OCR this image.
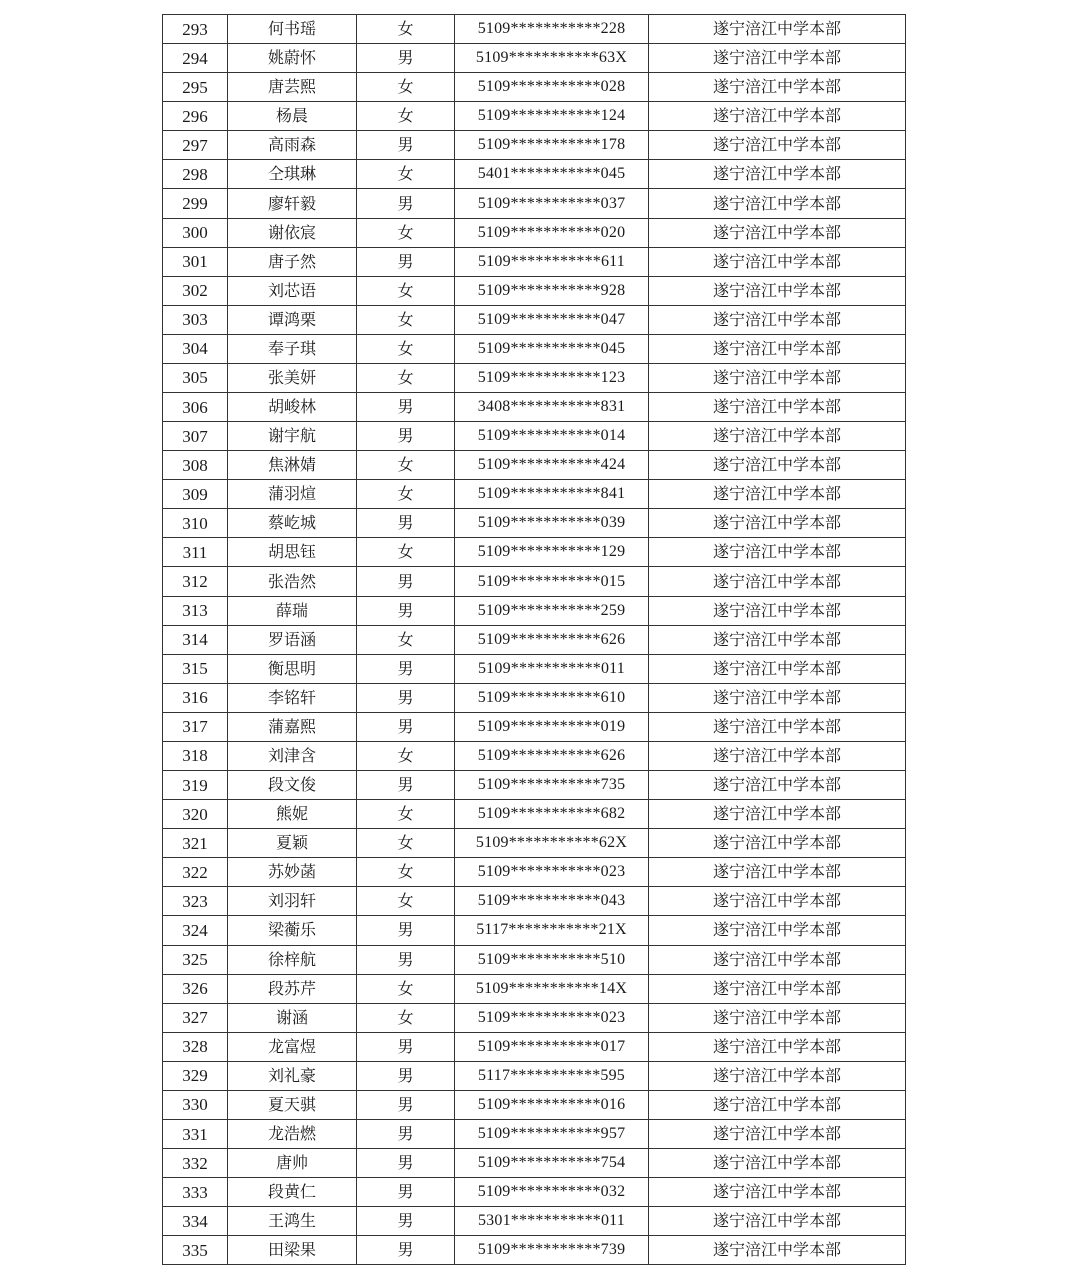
293	何书瑶	女	5109***********228	遂宁涪江中学本部
294	姚蔚怀	男	5109***********63X	遂宁涪江中学本部
295	唐芸熙	女	5109***********028	遂宁涪江中学本部
296	杨晨	女	5109***********124	遂宁涪江中学本部
297	高雨森	男	5109***********178	遂宁涪江中学本部
298	仝琪琳	女	5401***********045	遂宁涪江中学本部
299	廖轩毅	男	5109***********037	遂宁涪江中学本部
300	谢依宸	女	5109***********020	遂宁涪江中学本部
301	唐子然	男	5109***********611	遂宁涪江中学本部
302	刘芯语	女	5109***********928	遂宁涪江中学本部
303	谭鸿栗	女	5109***********047	遂宁涪江中学本部
304	奉子琪	女	5109***********045	遂宁涪江中学本部
305	张美妍	女	5109***********123	遂宁涪江中学本部
306	胡峻林	男	3408***********831	遂宁涪江中学本部
307	谢宇航	男	5109***********014	遂宁涪江中学本部
308	焦淋婧	女	5109***********424	遂宁涪江中学本部
309	蒲羽煊	女	5109***********841	遂宁涪江中学本部
310	蔡屹城	男	5109***********039	遂宁涪江中学本部
311	胡思钰	女	5109***********129	遂宁涪江中学本部
312	张浩然	男	5109***********015	遂宁涪江中学本部
313	薛瑞	男	5109***********259	遂宁涪江中学本部
314	罗语涵	女	5109***********626	遂宁涪江中学本部
315	衡思明	男	5109***********011	遂宁涪江中学本部
316	李铭轩	男	5109***********610	遂宁涪江中学本部
317	蒲嘉熙	男	5109***********019	遂宁涪江中学本部
318	刘津含	女	5109***********626	遂宁涪江中学本部
319	段文俊	男	5109***********735	遂宁涪江中学本部
320	熊妮	女	5109***********682	遂宁涪江中学本部
321	夏颖	女	5109***********62X	遂宁涪江中学本部
322	苏妙菡	女	5109***********023	遂宁涪江中学本部
323	刘羽轩	女	5109***********043	遂宁涪江中学本部
324	梁蘅乐	男	5117***********21X	遂宁涪江中学本部
325	徐梓航	男	5109***********510	遂宁涪江中学本部
326	段苏芹	女	5109***********14X	遂宁涪江中学本部
327	谢涵	女	5109***********023	遂宁涪江中学本部
328	龙富煜	男	5109***********017	遂宁涪江中学本部
329	刘礼豪	男	5117***********595	遂宁涪江中学本部
330	夏天骐	男	5109***********016	遂宁涪江中学本部
331	龙浩燃	男	5109***********957	遂宁涪江中学本部
332	唐帅	男	5109***********754	遂宁涪江中学本部
333	段黄仁	男	5109***********032	遂宁涪江中学本部
334	王鸿生	男	5301***********011	遂宁涪江中学本部
335	田梁果	男	5109***********739	遂宁涪江中学本部
